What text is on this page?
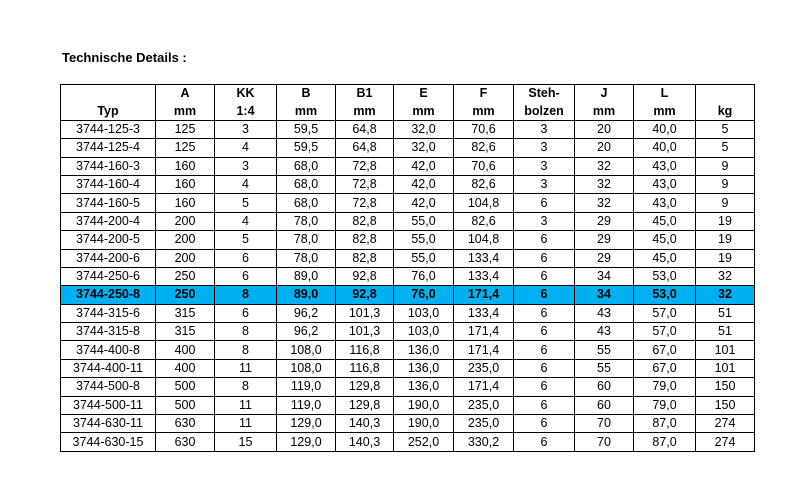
Technische Details :
	A	KK	B	B1	E	F	Steh-	J	L	
Typ	mm	1:4	mm	mm	mm	mm	bolzen	mm	mm	kg
3744-125-3	125	3	59,5	64,8	32,0	70,6	3	20	40,0	5
3744-125-4	125	4	59,5	64,8	32,0	82,6	3	20	40,0	5
3744-160-3	160	3	68,0	72,8	42,0	70,6	3	32	43,0	9
3744-160-4	160	4	68,0	72,8	42,0	82,6	3	32	43,0	9
3744-160-5	160	5	68,0	72,8	42,0	104,8	6	32	43,0	9
3744-200-4	200	4	78,0	82,8	55,0	82,6	3	29	45,0	19
3744-200-5	200	5	78,0	82,8	55,0	104,8	6	29	45,0	19
3744-200-6	200	6	78,0	82,8	55,0	133,4	6	29	45,0	19
3744-250-6	250	6	89,0	92,8	76,0	133,4	6	34	53,0	32
3744-250-8	250	8	89,0	92,8	76,0	171,4	6	34	53,0	32
3744-315-6	315	6	96,2	101,3	103,0	133,4	6	43	57,0	51
3744-315-8	315	8	96,2	101,3	103,0	171,4	6	43	57,0	51
3744-400-8	400	8	108,0	116,8	136,0	171,4	6	55	67,0	101
3744-400-11	400	11	108,0	116,8	136,0	235,0	6	55	67,0	101
3744-500-8	500	8	119,0	129,8	136,0	171,4	6	60	79,0	150
3744-500-11	500	11	119,0	129,8	190,0	235,0	6	60	79,0	150
3744-630-11	630	11	129,0	140,3	190,0	235,0	6	70	87,0	274
3744-630-15	630	15	129,0	140,3	252,0	330,2	6	70	87,0	274
